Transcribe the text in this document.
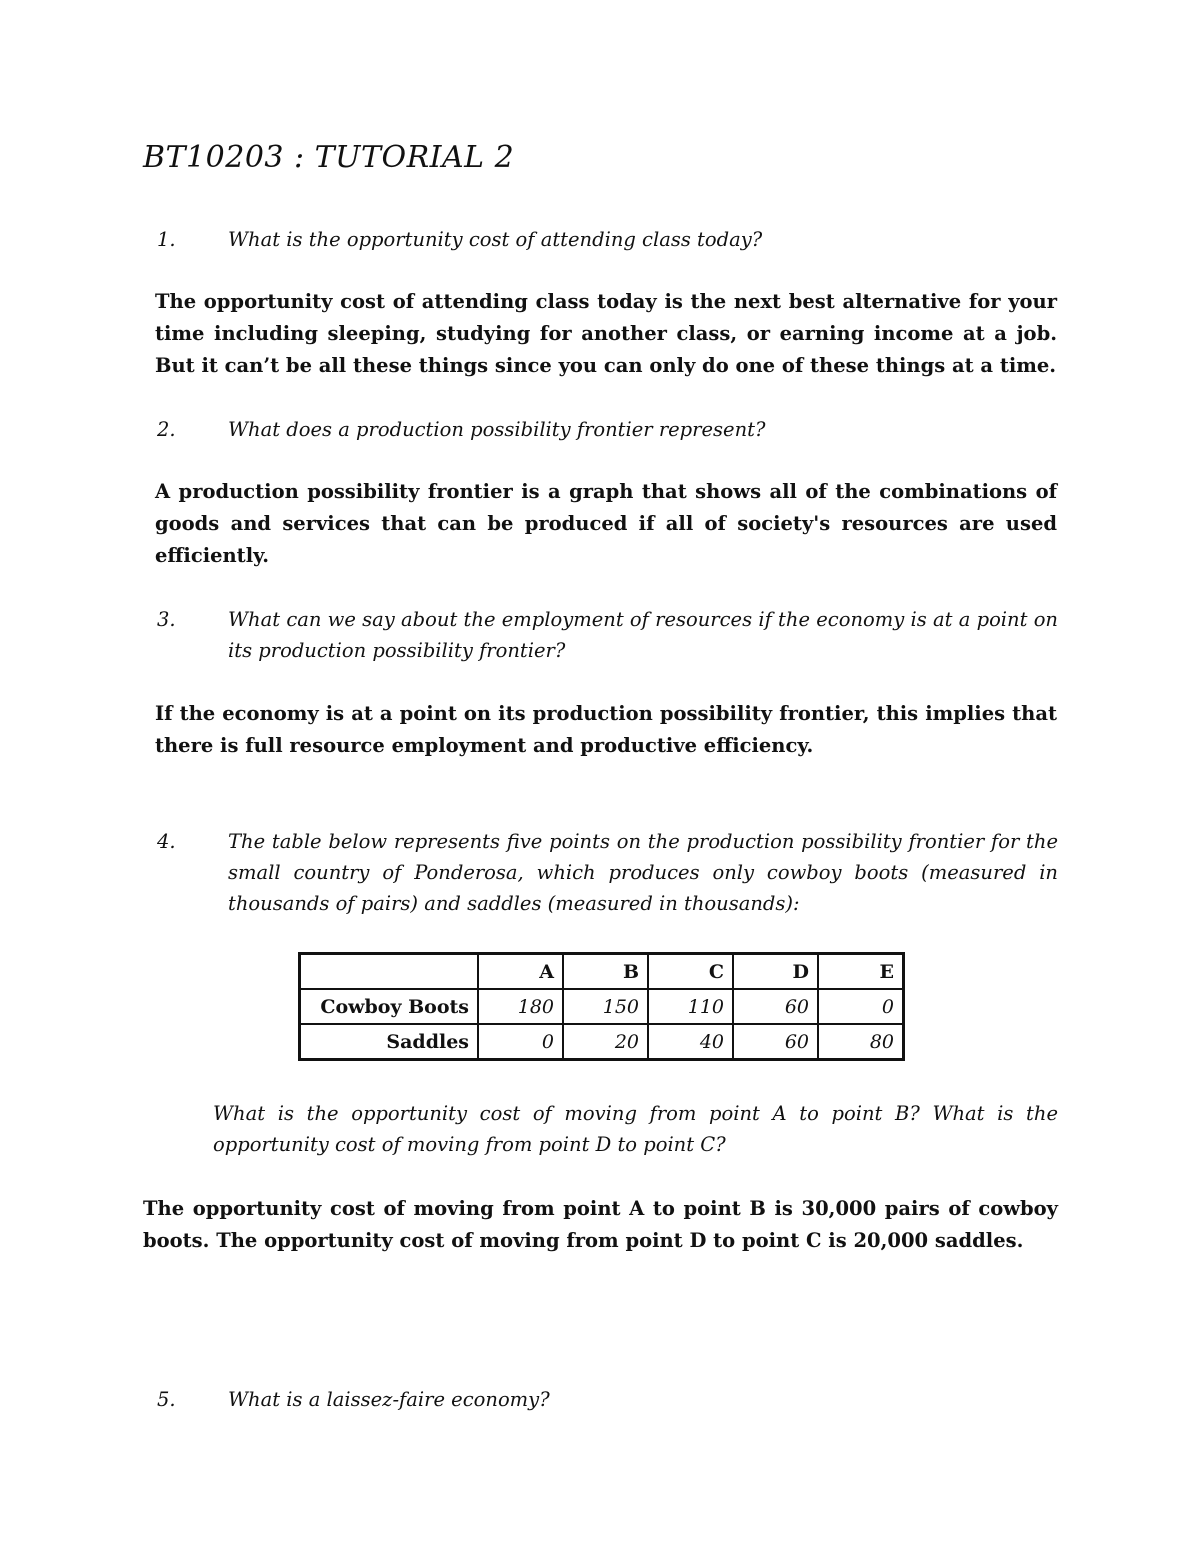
BT10203 : TUTORIAL 2
1.	What is the opportunity cost of attending class today?

The opportunity cost of attending class today is the next best alternative for your time including sleeping, studying for another class, or earning income at a job. But it can’t be all these things since you can only do one of these things at a time.

2.	What does a production possibility frontier represent?

A production possibility frontier is a graph that shows all of the combinations of goods and services that can be produced if all of society's resources are used efficiently.

3.	What can we say about the employment of resources if the economy is at a point on its production possibility frontier?

If the economy is at a point on its production possibility frontier, this implies that there is full resource employment and productive efficiency.

4.	The table below represents five points on the production possibility frontier for the small country of Ponderosa, which produces only cowboy boots (measured in thousands of pairs) and saddles (measured in thousands):
	A	B	C	D	E
Cowboy Boots	180	150	110	60	0
Saddles	0	20	40	60	80

What is the opportunity cost of moving from point A to point B? What is the opportunity cost of moving from point D to point C?

The opportunity cost of moving from point A to point B is 30,000 pairs of cowboy boots. The opportunity cost of moving from point D to point C is 20,000 saddles.

5.	What is a laissez-faire economy?
